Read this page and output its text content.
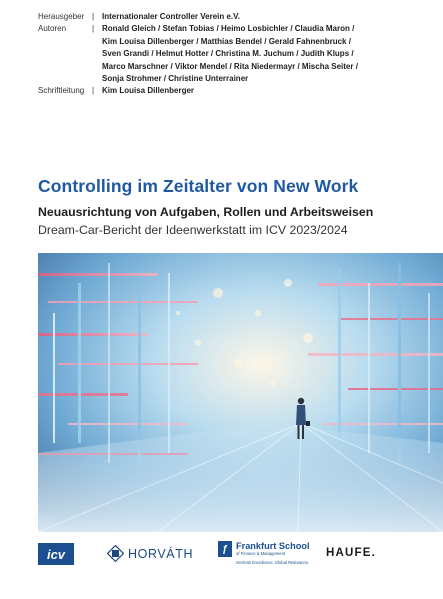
Herausgeber | Internationaler Controller Verein e.V.
Autoren	| Ronald Gleich / Stefan Tobias / Heimo Losbichler / Claudia Maron /
Kim Louisa Dillenberger / Matthias Bendel / Gerald Fahnenbruck /
Sven Grandi / Helmut Hotter / Christina M. Juchum / Judith Klups /
Marco Marschner / Viktor Mendel / Rita Niedermayr / Mischa Seiter /
Sonja Strohmer / Christine Unterrainer
Schriftleitung | Kim Louisa Dillenberger
Controlling im Zeitalter von New Work
Neuausrichtung von Aufgaben, Rollen und Arbeitsweisen

Dream-Car-Bericht der Ideenwerkstatt im ICV 2023/2024

icv	HORVÁTH	ƒ Frankfurt School
of Finance & Management
German Excellence. Global Relevance.
HAUFE.
